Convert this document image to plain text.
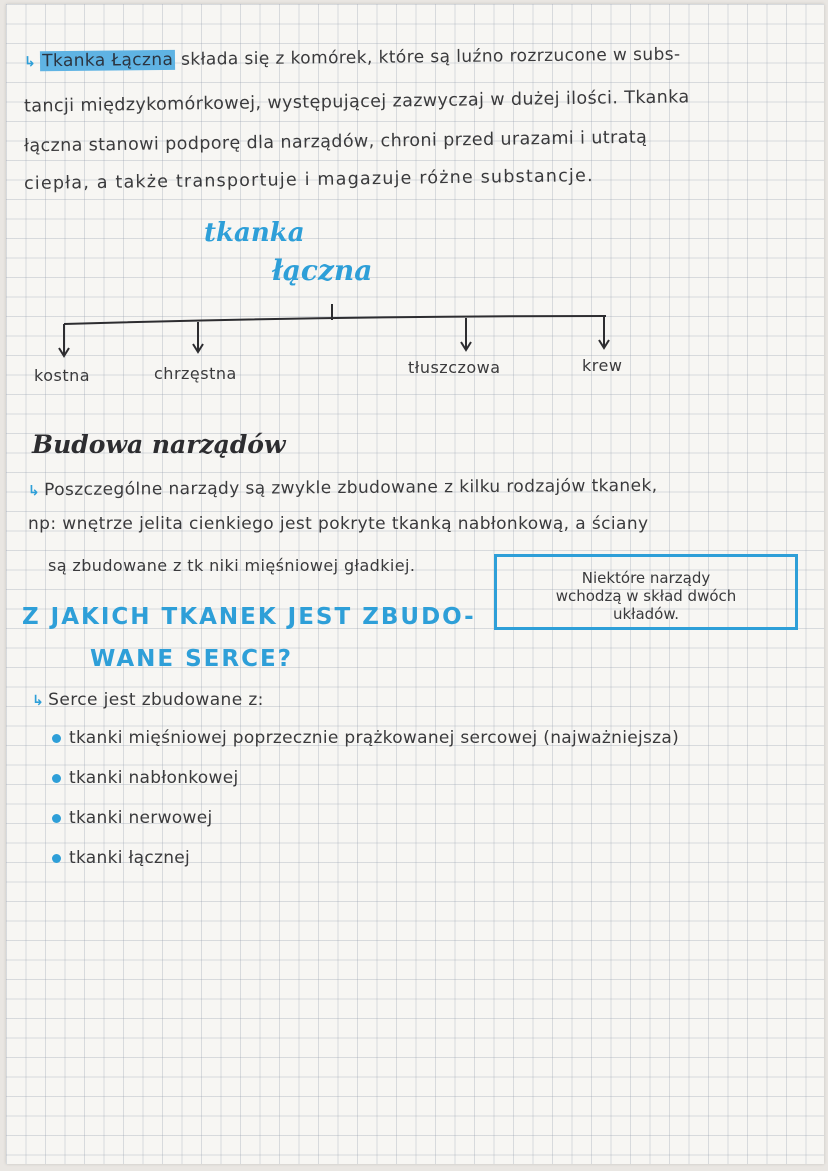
↳ Tkanka Łączna składa się z komórek, które są luźno rozrzucone w subs-
tancji międzykomórkowej, występującej zazwyczaj w dużej ilości. Tkanka
łączna stanowi podporę dla narządów, chroni przed urazami i utratą
ciepła, a także transportuje i magazuje różne substancje.
tkanka
łączna
kostna	chrzęstna	tłuszczowa	krew
Budowa narządów
↳ Poszczególne narządy są zwykle zbudowane z kilku rodzajów tkanek,
np: wnętrze jelita cienkiego jest pokryte tkanką nabłonkową, a ściany
są zbudowane z tk niki mięśniowej gładkiej.
Niektóre narządy
wchodzą w skład dwóch
układów.
Z JAKICH TKANEK JEST ZBUDO-
WANE SERCE?
↳ Serce jest zbudowane z:
tkanki mięśniowej poprzecznie prążkowanej sercowej (najważniejsza)
tkanki nabłonkowej
tkanki nerwowej
tkanki łącznej
